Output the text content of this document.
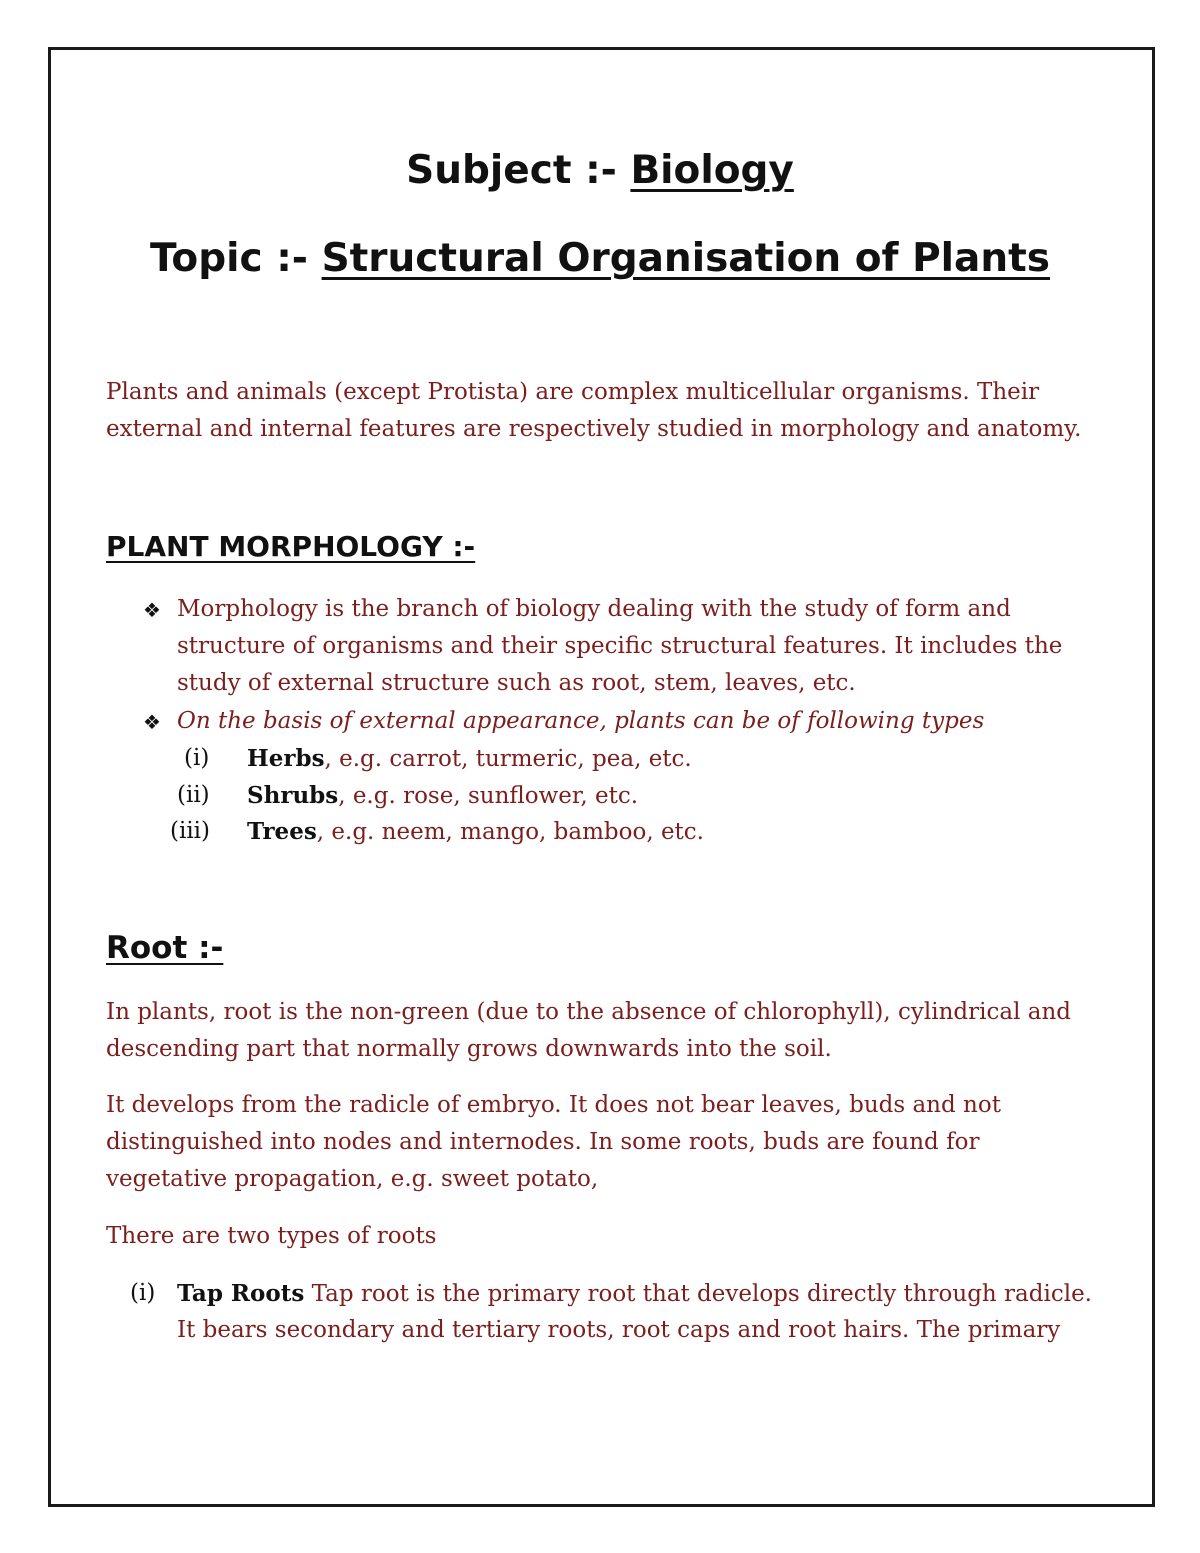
Subject :- Biology
Topic :- Structural Organisation of Plants
Plants and animals (except Protista) are complex multicellular organisms. Their
external and internal features are respectively studied in morphology and anatomy.
PLANT MORPHOLOGY :-
❖ Morphology is the branch of biology dealing with the study of form and
structure of organisms and their specific structural features. It includes the
study of external structure such as root, stem, leaves, etc.
❖ On the basis of external appearance, plants can be of following types
(i) Herbs, e.g. carrot, turmeric, pea, etc.
(ii) Shrubs, e.g. rose, sunflower, etc.
(iii) Trees, e.g. neem, mango, bamboo, etc.
Root :-
In plants, root is the non-green (due to the absence of chlorophyll), cylindrical and
descending part that normally grows downwards into the soil.
It develops from the radicle of embryo. It does not bear leaves, buds and not
distinguished into nodes and internodes. In some roots, buds are found for
vegetative propagation, e.g. sweet potato,
There are two types of roots
(i) Tap Roots Tap root is the primary root that develops directly through radicle.
It bears secondary and tertiary roots, root caps and root hairs. The primary
